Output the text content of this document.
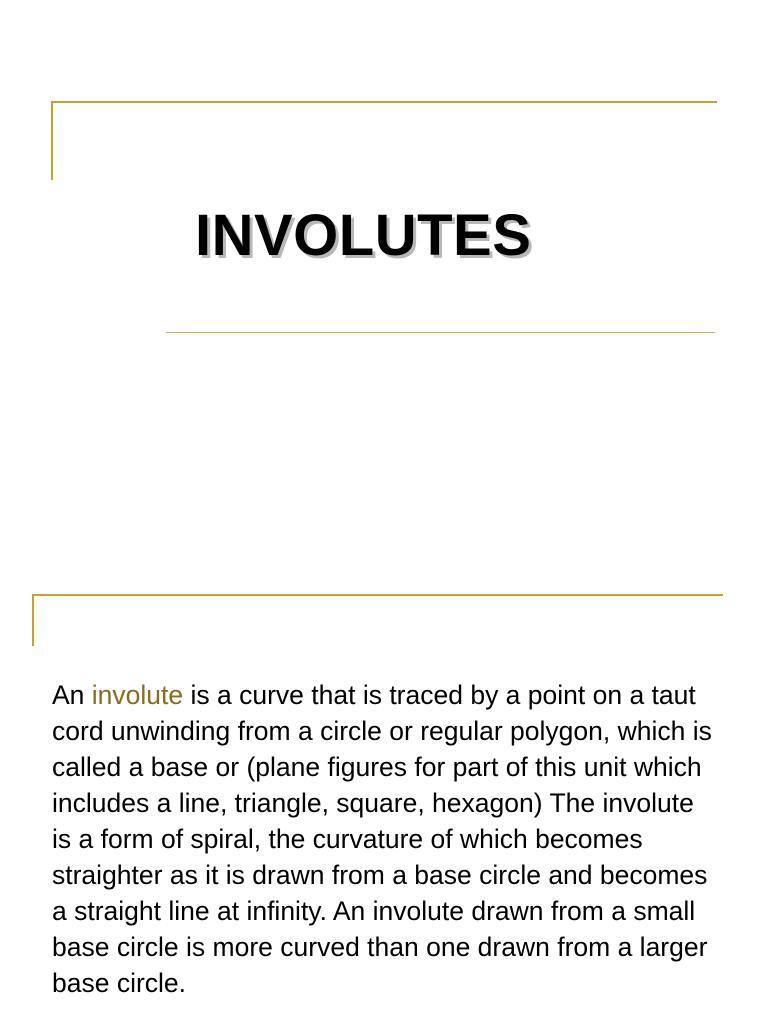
INVOLUTES

An involute is a curve that is traced by a point on a taut cord unwinding from a circle or regular polygon, which is called a base or (plane figures for part of this unit which includes a line, triangle, square, hexagon) The involute is a form of spiral, the curvature of which becomes straighter as it is drawn from a base circle and becomes a straight line at infinity. An involute drawn from a small base circle is more curved than one drawn from a larger base circle.
